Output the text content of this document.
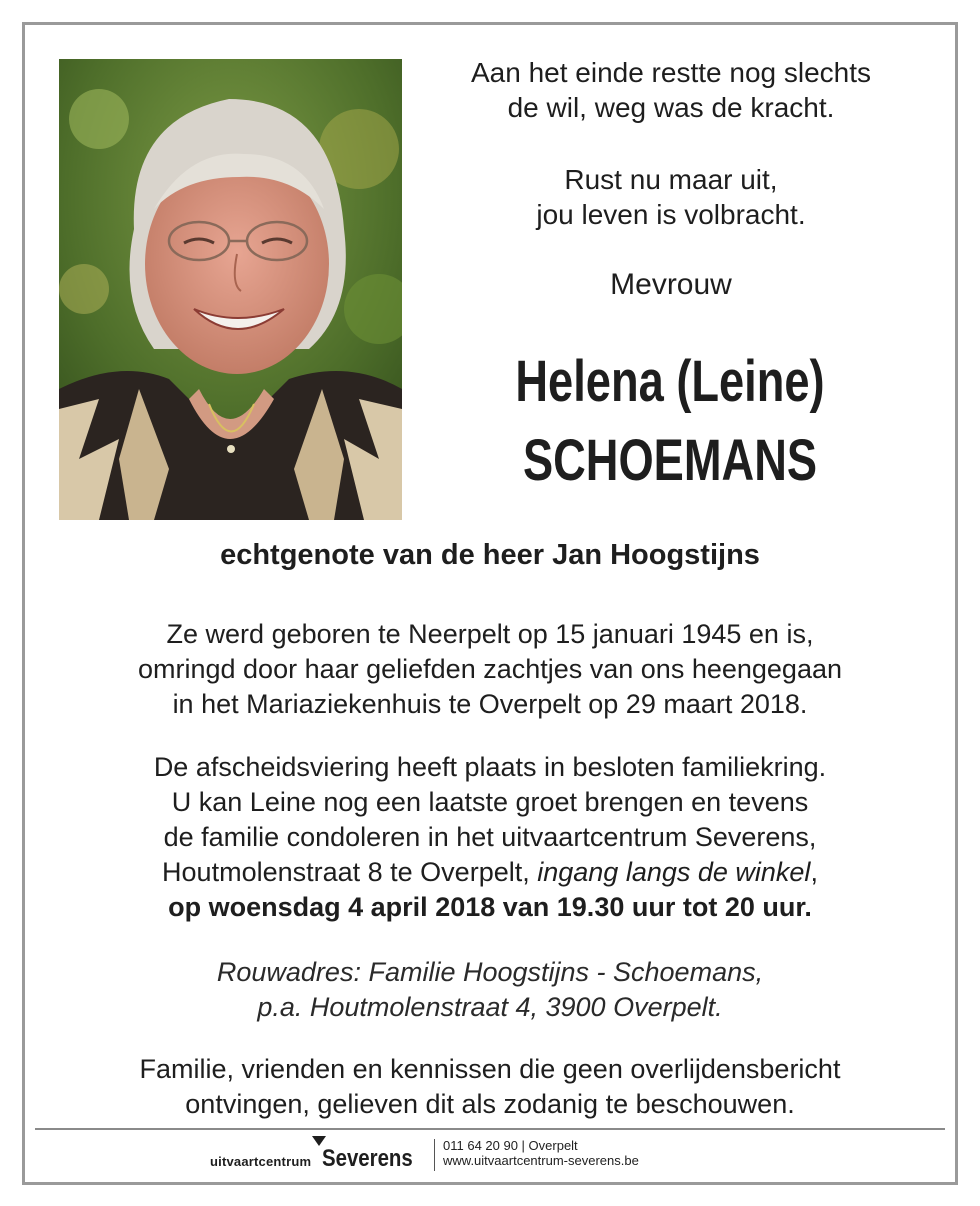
Aan het einde restte nog slechts
de wil, weg was de kracht.

Rust nu maar uit,
jou leven is volbracht.

Mevrouw

Helena (Leine)

SCHOEMANS

echtgenote van de heer Jan Hoogstijns

Ze werd geboren te Neerpelt op 15 januari 1945 en is,
omringd door haar geliefden zachtjes van ons heengegaan
in het Mariaziekenhuis te Overpelt op 29 maart 2018.

De afscheidsviering heeft plaats in besloten familiekring.
U kan Leine nog een laatste groet brengen en tevens
de familie condoleren in het uitvaartcentrum Severens,
Houtmolenstraat 8 te Overpelt, ingang langs de winkel,
op woensdag 4 april 2018 van 19.30 uur tot 20 uur.

Rouwadres: Familie Hoogstijns - Schoemans,
p.a. Houtmolenstraat 4, 3900 Overpelt.

Familie, vrienden en kennissen die geen overlijdensbericht
ontvingen, gelieven dit als zodanig te beschouwen.

uitvaartcentrum Severens 011 64 20 90 | Overpelt
www.uitvaartcentrum-severens.be
